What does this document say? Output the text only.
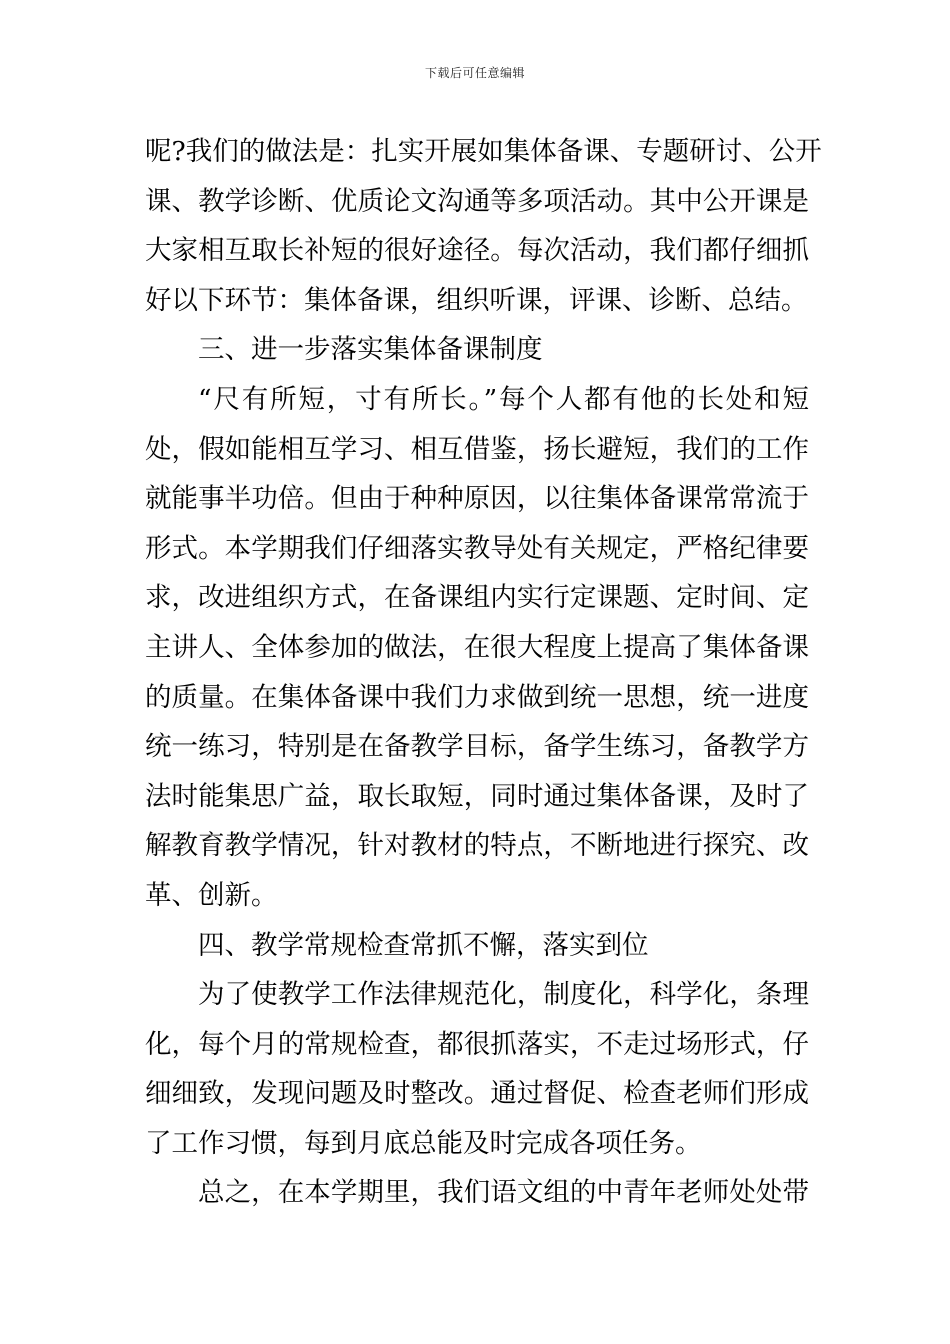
下载后可任意编辑
呢?我们的做法是：扎实开展如集体备课、专题研讨、公开
课、教学诊断、优质论文沟通等多项活动。其中公开课是
大家相互取长补短的很好途径。每次活动，我们都仔细抓
好以下环节：集体备课，组织听课，评课、诊断、总结。
三、进一步落实集体备课制度
“尺有所短，寸有所长。”每个人都有他的长处和短
处，假如能相互学习、相互借鉴，扬长避短，我们的工作
就能事半功倍。但由于种种原因，以往集体备课常常流于
形式。本学期我们仔细落实教导处有关规定，严格纪律要
求，改进组织方式，在备课组内实行定课题、定时间、定
主讲人、全体参加的做法，在很大程度上提高了集体备课
的质量。在集体备课中我们力求做到统一思想，统一进度
统一练习，特别是在备教学目标，备学生练习，备教学方
法时能集思广益，取长取短，同时通过集体备课，及时了
解教育教学情况，针对教材的特点，不断地进行探究、改
革、创新。
四、教学常规检查常抓不懈，落实到位
为了使教学工作法律规范化，制度化，科学化，条理
化，每个月的常规检查，都很抓落实，不走过场形式，仔
细细致，发现问题及时整改。通过督促、检查老师们形成
了工作习惯，每到月底总能及时完成各项任务。
总之，在本学期里，我们语文组的中青年老师处处带
